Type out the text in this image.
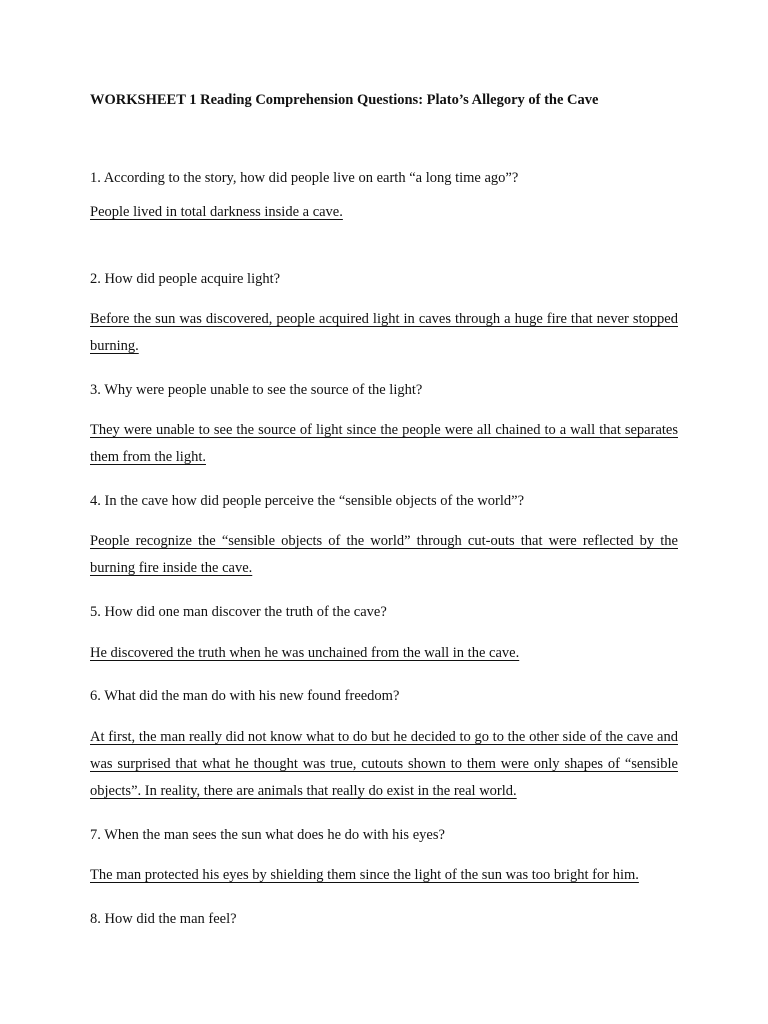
WORKSHEET 1 Reading Comprehension Questions: Plato’s Allegory of the Cave
1. According to the story, how did people live on earth “a long time ago”?
People lived in total darkness inside a cave.
2. How did people acquire light?
Before the sun was discovered, people acquired light in caves through a huge fire that never stopped burning.
3. Why were people unable to see the source of the light?
They were unable to see the source of light since the people were all chained to a wall that separates them from the light.
4. In the cave how did people perceive the “sensible objects of the world”?
People recognize the “sensible objects of the world” through cut-outs that were reflected by the burning fire inside the cave.
5. How did one man discover the truth of the cave?
He discovered the truth when he was unchained from the wall in the cave.
6. What did the man do with his new found freedom?
At first, the man really did not know what to do but he decided to go to the other side of the cave and was surprised that what he thought was true, cutouts shown to them were only shapes of “sensible objects”. In reality, there are animals that really do exist in the real world.
7. When the man sees the sun what does he do with his eyes?
The man protected his eyes by shielding them since the light of the sun was too bright for him.
8. How did the man feel?
